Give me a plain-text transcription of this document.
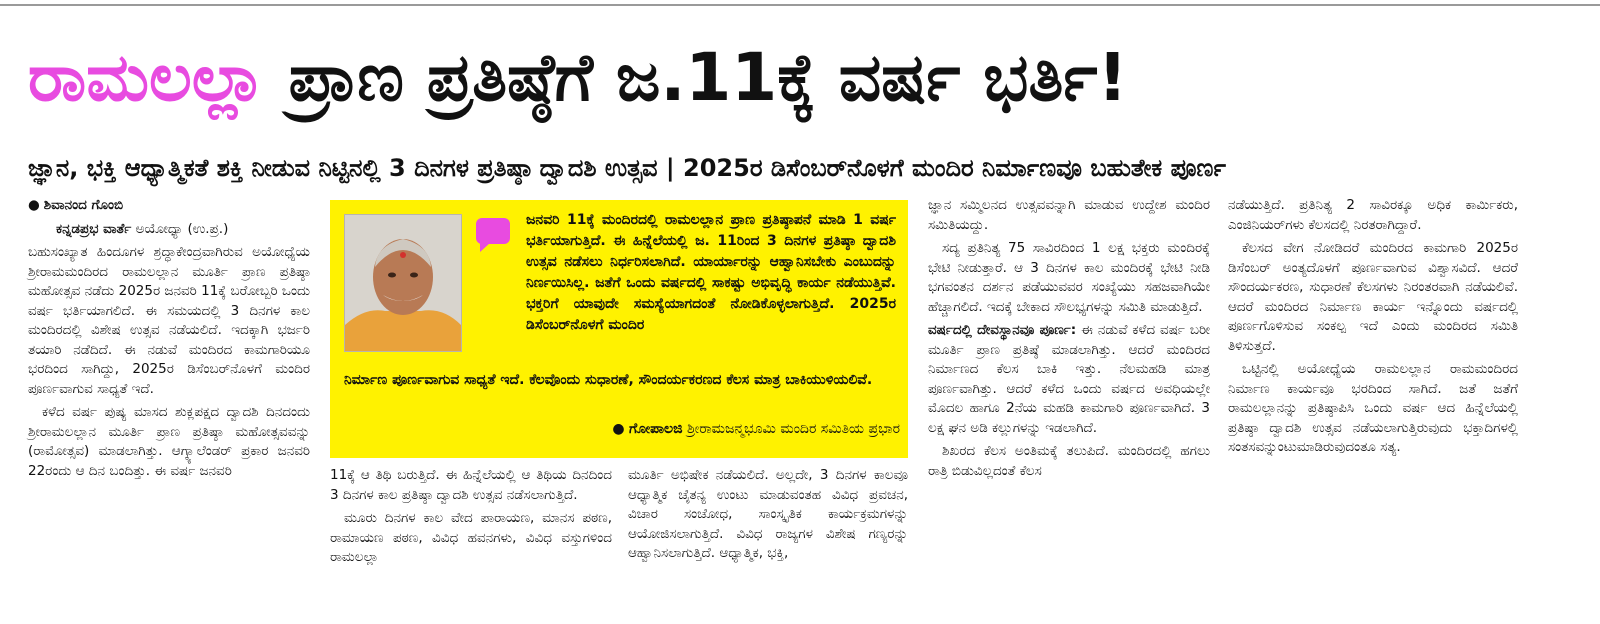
ರಾಮಲಲ್ಲಾ ಪ್ರಾಣ ಪ್ರತಿಷ್ಠೆಗೆ ಜ.11ಕ್ಕೆ ವರ್ಷ ಭರ್ತಿ!
ಜ್ಞಾನ, ಭಕ್ತಿ ಆಧ್ಯಾತ್ಮಿಕತೆ ಶಕ್ತಿ ನೀಡುವ ನಿಟ್ಟಿನಲ್ಲಿ 3 ದಿನಗಳ ಪ್ರತಿಷ್ಠಾ ದ್ವಾದಶಿ ಉತ್ಸವ | 2025ರ ಡಿಸೆಂಬರ್‌ನೊಳಗೆ ಮಂದಿರ ನಿರ್ಮಾಣವೂ ಬಹುತೇಕ ಪೂರ್ಣ

● ಶಿವಾನಂದ ಗೊಂಬಿ

ಕನ್ನಡಪ್ರಭ ವಾರ್ತೆ ಅಯೋಧ್ಯಾ (ಉ.ಪ್ರ.)

ಬಹುಸಂಖ್ಯಾತ ಹಿಂದೂಗಳ ಶ್ರದ್ಧಾಕೇಂದ್ರವಾಗಿರುವ ಅಯೋಧ್ಯೆಯ ಶ್ರೀರಾಮಮಂದಿರದ ರಾಮಲಲ್ಲಾನ ಮೂರ್ತಿ ಪ್ರಾಣ ಪ್ರತಿಷ್ಠಾ ಮಹೋತ್ಸವ ನಡೆದು 2025ರ ಜನವರಿ 11ಕ್ಕೆ ಬರೋಬ್ಬರಿ ಒಂದು ವರ್ಷ ಭರ್ತಿಯಾಗಲಿದೆ. ಈ ಸಮಯದಲ್ಲಿ 3 ದಿನಗಳ ಕಾಲ ಮಂದಿರದಲ್ಲಿ ವಿಶೇಷ ಉತ್ಸವ ನಡೆಯಲಿದೆ. ಇದಕ್ಕಾಗಿ ಭರ್ಜರಿ ತಯಾರಿ ನಡೆದಿದೆ. ಈ ನಡುವೆ ಮಂದಿರದ ಕಾಮಗಾರಿಯೂ ಭರದಿಂದ ಸಾಗಿದ್ದು, 2025ರ ಡಿಸೆಂಬರ್‌ನೊಳಗೆ ಮಂದಿರ ಪೂರ್ಣವಾಗುವ ಸಾಧ್ಯತೆ ಇದೆ.

ಕಳೆದ ವರ್ಷ ಪುಷ್ಯ ಮಾಸದ ಶುಕ್ಲಪಕ್ಷದ ದ್ವಾದಶಿ ದಿನದಂದು ಶ್ರೀರಾಮಲಲ್ಲಾನ ಮೂರ್ತಿ ಪ್ರಾಣ ಪ್ರತಿಷ್ಠಾ ಮಹೋತ್ಸವವನ್ನು (ರಾಮೋತ್ಸವ) ಮಾಡಲಾಗಿತ್ತು. ಆಗ್ಕ್ಯಾಲೆಂಡರ್ ಪ್ರಕಾರ ಜನವರಿ 22ರಂದು ಆ ದಿನ ಬಂದಿತ್ತು. ಈ ವರ್ಷ ಜನವರಿ

ಜನವರಿ 11ಕ್ಕೆ ಮಂದಿರದಲ್ಲಿ ರಾಮಲಲ್ಲಾನ ಪ್ರಾಣ ಪ್ರತಿಷ್ಠಾಪನೆ ಮಾಡಿ 1 ವರ್ಷ ಭರ್ತಿಯಾಗುತ್ತಿದೆ. ಈ ಹಿನ್ನೆಲೆಯಲ್ಲಿ ಜ. 11ರಿಂದ 3 ದಿನಗಳ ಪ್ರತಿಷ್ಠಾ ದ್ವಾದಶಿ ಉತ್ಸವ ನಡೆಸಲು ನಿರ್ಧರಿಸಲಾಗಿದೆ. ಯಾರ್ಯಾರನ್ನು ಆಹ್ವಾನಿಸಬೇಕು ಎಂಬುದನ್ನು ನಿರ್ಣಯಿಸಿಲ್ಲ. ಜತೆಗೆ ಒಂದು ವರ್ಷದಲ್ಲಿ ಸಾಕಷ್ಟು ಅಭಿವೃದ್ಧಿ ಕಾರ್ಯ ನಡೆಯುತ್ತಿವೆ. ಭಕ್ತರಿಗೆ ಯಾವುದೇ ಸಮಸ್ಯೆಯಾಗದಂತೆ ನೋಡಿಕೊಳ್ಳಲಾಗುತ್ತಿದೆ. 2025ರ ಡಿಸೆಂಬರ್‌ನೊಳಗೆ ಮಂದಿರ
ನಿರ್ಮಾಣ ಪೂರ್ಣವಾಗುವ ಸಾಧ್ಯತೆ ಇದೆ. ಕೆಲವೊಂದು ಸುಧಾರಣೆ, ಸೌಂದರ್ಯಕರಣದ ಕೆಲಸ ಮಾತ್ರ ಬಾಕಿಯುಳಿಯಲಿವೆ.
● ಗೋಪಾಲಜಿ ಶ್ರೀರಾಮಜನ್ಮಭೂಮಿ ಮಂದಿರ ಸಮಿತಿಯ ಪ್ರಭಾರ

11ಕ್ಕೆ ಆ ತಿಥಿ ಬರುತ್ತಿದೆ. ಈ ಹಿನ್ನೆಲೆಯಲ್ಲಿ ಆ ತಿಥಿಯ ದಿನದಿಂದ 3 ದಿನಗಳ ಕಾಲ ಪ್ರತಿಷ್ಠಾ ದ್ವಾದಶಿ ಉತ್ಸವ ನಡೆಸಲಾಗುತ್ತಿದೆ.

ಮೂರು ದಿನಗಳ ಕಾಲ ವೇದ ಪಾರಾಯಣ, ಮಾನಸ ಪಠಣ, ರಾಮಾಯಣ ಪಠಣ, ವಿವಿಧ ಹವನಗಳು, ವಿವಿಧ ವಸ್ತುಗಳಿಂದ ರಾಮಲಲ್ಲಾ

ಮೂರ್ತಿ ಅಭಿಷೇಕ ನಡೆಯಲಿದೆ. ಅಲ್ಲದೇ, 3 ದಿನಗಳ ಕಾಲವೂ ಆಧ್ಯಾತ್ಮಿಕ ಚೈತನ್ಯ ಉಂಟು ಮಾಡುವಂತಹ ವಿವಿಧ ಪ್ರವಚನ, ವಿಚಾರ ಸಂಚೋಧ, ಸಾಂಸ್ಕೃತಿಕ ಕಾರ್ಯಕ್ರಮಗಳನ್ನು ಆಯೋಜಿಸಲಾಗುತ್ತಿದೆ. ವಿವಿಧ ರಾಜ್ಯಗಳ ವಿಶೇಷ ಗಣ್ಯರನ್ನು ಆಹ್ವಾನಿಸಲಾಗುತ್ತಿದೆ. ಆಧ್ಯಾತ್ಮಿಕ, ಭಕ್ತಿ,

ಜ್ಞಾನ ಸಮ್ಮಿಲನದ ಉತ್ಸವವನ್ನಾಗಿ ಮಾಡುವ ಉದ್ದೇಶ ಮಂದಿರ ಸಮಿತಿಯದ್ದು.

ಸದ್ಯ ಪ್ರತಿನಿತ್ಯ 75 ಸಾವಿರದಿಂದ 1 ಲಕ್ಷ ಭಕ್ತರು ಮಂದಿರಕ್ಕೆ ಭೇಟಿ ನೀಡುತ್ತಾರೆ. ಆ 3 ದಿನಗಳ ಕಾಲ ಮಂದಿರಕ್ಕೆ ಭೇಟಿ ನೀಡಿ ಭಗವಂತನ ದರ್ಶನ ಪಡೆಯುವವರ ಸಂಖ್ಯೆಯು ಸಹಜವಾಗಿಯೇ ಹೆಚ್ಚಾಗಲಿದೆ. ಇದಕ್ಕೆ ಬೇಕಾದ ಸೌಲಭ್ಯಗಳನ್ನು ಸಮಿತಿ ಮಾಡುತ್ತಿದೆ.

ವರ್ಷದಲ್ಲಿ ದೇವಸ್ಥಾನವೂ ಪೂರ್ಣ: ಈ ನಡುವೆ ಕಳೆದ ವರ್ಷ ಬರೀ ಮೂರ್ತಿ ಪ್ರಾಣ ಪ್ರತಿಷ್ಠೆ ಮಾಡಲಾಗಿತ್ತು. ಆದರೆ ಮಂದಿರದ ನಿರ್ಮಾಣದ ಕೆಲಸ ಬಾಕಿ ಇತ್ತು. ನೆಲಮಹಡಿ ಮಾತ್ರ ಪೂರ್ಣವಾಗಿತ್ತು. ಆದರೆ ಕಳೆದ ಒಂದು ವರ್ಷದ ಅವಧಿಯಲ್ಲೇ ಮೊದಲ ಹಾಗೂ 2ನೆಯ ಮಹಡಿ ಕಾಮಗಾರಿ ಪೂರ್ಣವಾಗಿದೆ. 3 ಲಕ್ಷ ಘನ ಅಡಿ ಕಲ್ಲುಗಳನ್ನು ಇಡಲಾಗಿದೆ.

ಶಿಖರದ ಕೆಲಸ ಅಂತಿಮಕ್ಕೆ ತಲುಪಿದೆ. ಮಂದಿರದಲ್ಲಿ ಹಗಲು ರಾತ್ರಿ ಬಿಡುವಿಲ್ಲದಂತೆ ಕೆಲಸ

ನಡೆಯುತ್ತಿದೆ. ಪ್ರತಿನಿತ್ಯ 2 ಸಾವಿರಕ್ಕೂ ಅಧಿಕ ಕಾರ್ಮಿಕರು, ಎಂಜಿನಿಯರ್‌ಗಳು ಕೆಲಸದಲ್ಲಿ ನಿರತರಾಗಿದ್ದಾರೆ.

ಕೆಲಸದ ವೇಗ ನೋಡಿದರೆ ಮಂದಿರದ ಕಾಮಗಾರಿ 2025ರ ಡಿಸೆಂಬರ್ ಅಂತ್ಯದೊಳಗೆ ಪೂರ್ಣವಾಗುವ ವಿಶ್ವಾಸವಿದೆ. ಆದರೆ ಸೌಂದರ್ಯಕರಣ, ಸುಧಾರಣೆ ಕೆಲಸಗಳು ನಿರಂತರವಾಗಿ ನಡೆಯಲಿವೆ. ಆದರೆ ಮಂದಿರದ ನಿರ್ಮಾಣ ಕಾರ್ಯ ಇನ್ನೊಂದು ವರ್ಷದಲ್ಲಿ ಪೂರ್ಣಗೊಳಿಸುವ ಸಂಕಲ್ಪ ಇದೆ ಎಂದು ಮಂದಿರದ ಸಮಿತಿ ತಿಳಿಸುತ್ತದೆ.

ಒಟ್ಟಿನಲ್ಲಿ ಅಯೋಧ್ಯೆಯ ರಾಮಲಲ್ಲಾನ ರಾಮಮಂದಿರದ ನಿರ್ಮಾಣ ಕಾರ್ಯವೂ ಭರದಿಂದ ಸಾಗಿದೆ. ಜತೆ ಜತೆಗೆ ರಾಮಲಲ್ಲಾನನ್ನು ಪ್ರತಿಷ್ಠಾಪಿಸಿ ಒಂದು ವರ್ಷ ಆದ ಹಿನ್ನೆಲೆಯಲ್ಲಿ ಪ್ರತಿಷ್ಠಾ ದ್ವಾದಶಿ ಉತ್ಸವ ನಡೆಯಲಾಗುತ್ತಿರುವುದು ಭಕ್ತಾದಿಗಳಲ್ಲಿ ಸಂತಸವನ್ನುಂಟುಮಾಡಿರುವುದಂತೂ ಸತ್ಯ.
